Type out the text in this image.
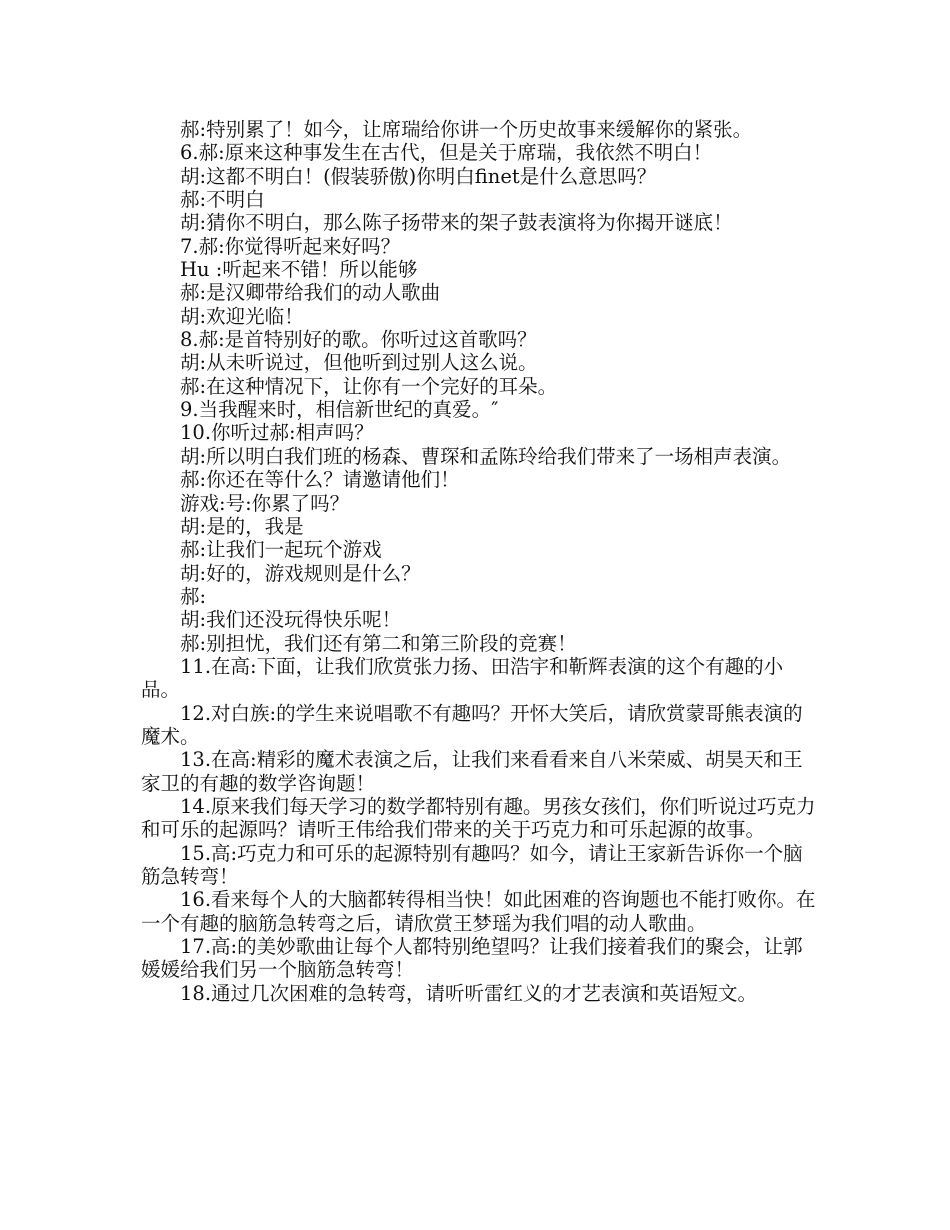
郝:特别累了！如今，让席瑞给你讲一个历史故事来缓解你的紧张。

6.郝:原来这种事发生在古代，但是关于席瑞，我依然不明白！

胡:这都不明白！(假装骄傲)你明白finet是什么意思吗？

郝:不明白

胡:猜你不明白，那么陈子扬带来的架子鼓表演将为你揭开谜底！

7.郝:你觉得听起来好吗？

Hu :听起来不错！所以能够

郝:是汉卿带给我们的动人歌曲

胡:欢迎光临！

8.郝:是首特别好的歌。你听过这首歌吗？

胡:从未听说过，但他听到过别人这么说。

郝:在这种情况下，让你有一个完好的耳朵。

9.当我醒来时，相信新世纪的真爱。″

10.你听过郝:相声吗？

胡:所以明白我们班的杨森、曹琛和孟陈玲给我们带来了一场相声表演。

郝:你还在等什么？请邀请他们！

游戏:号:你累了吗？

胡:是的，我是

郝:让我们一起玩个游戏

胡:好的，游戏规则是什么？

郝:

胡:我们还没玩得快乐呢！

郝:别担忧，我们还有第二和第三阶段的竞赛！

11.在高:下面，让我们欣赏张力扬、田浩宇和靳辉表演的这个有趣的小品。

12.对白族:的学生来说唱歌不有趣吗？开怀大笑后，请欣赏蒙哥熊表演的魔术。

13.在高:精彩的魔术表演之后，让我们来看看来自八米荣威、胡昊天和王家卫的有趣的数学咨询题！

14.原来我们每天学习的数学都特别有趣。男孩女孩们，你们听说过巧克力和可乐的起源吗？请听王伟给我们带来的关于巧克力和可乐起源的故事。

15.高:巧克力和可乐的起源特别有趣吗？如今，请让王家新告诉你一个脑筋急转弯！

16.看来每个人的大脑都转得相当快！如此困难的咨询题也不能打败你。在一个有趣的脑筋急转弯之后，请欣赏王梦瑶为我们唱的动人歌曲。

17.高:的美妙歌曲让每个人都特别绝望吗？让我们接着我们的聚会，让郭媛媛给我们另一个脑筋急转弯！

18.通过几次困难的急转弯，请听听雷红义的才艺表演和英语短文。
